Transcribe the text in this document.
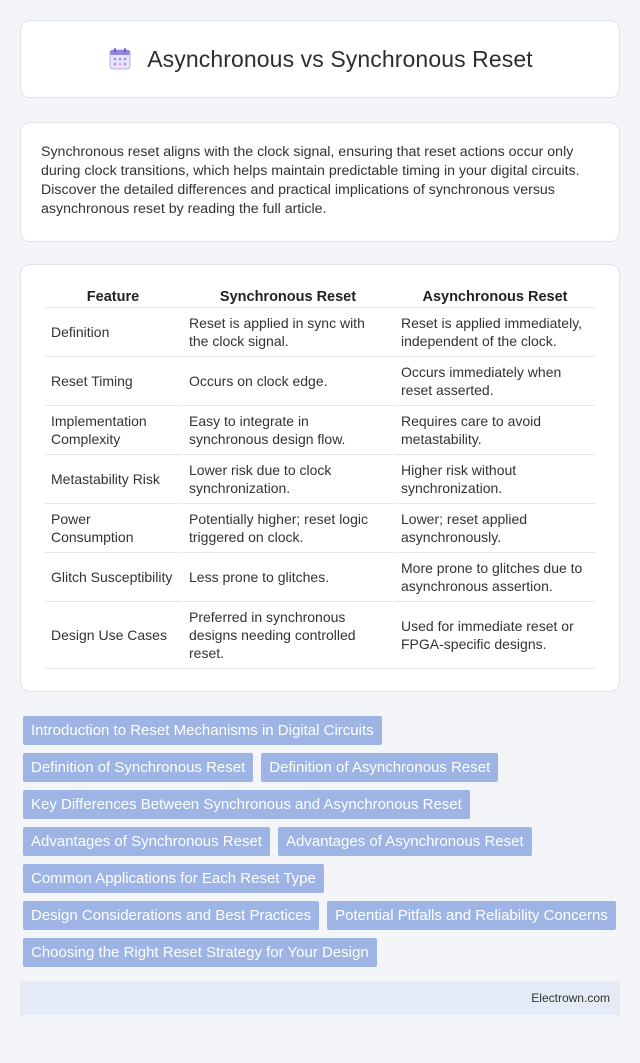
Asynchronous vs Synchronous Reset

Synchronous reset aligns with the clock signal, ensuring that reset actions occur only during clock transitions, which helps maintain predictable timing in your digital circuits. Discover the detailed differences and practical implications of synchronous versus asynchronous reset by reading the full article.

Feature	Synchronous Reset	Asynchronous Reset
Definition	Reset is applied in sync with the clock signal.	Reset is applied immediately, independent of the clock.
Reset Timing	Occurs on clock edge.	Occurs immediately when reset asserted.
Implementation Complexity	Easy to integrate in synchronous design flow.	Requires care to avoid metastability.
Metastability Risk	Lower risk due to clock synchronization.	Higher risk without synchronization.
Power Consumption	Potentially higher; reset logic triggered on clock.	Lower; reset applied asynchronously.
Glitch Susceptibility	Less prone to glitches.	More prone to glitches due to asynchronous assertion.
Design Use Cases	Preferred in synchronous designs needing controlled reset.	Used for immediate reset or FPGA-specific designs.
Introduction to Reset Mechanisms in Digital Circuits
Definition of Synchronous Reset	Definition of Asynchronous Reset
Key Differences Between Synchronous and Asynchronous Reset
Advantages of Synchronous Reset	Advantages of Asynchronous Reset
Common Applications for Each Reset Type
Design Considerations and Best Practices	Potential Pitfalls and Reliability Concerns
Choosing the Right Reset Strategy for Your Design
Electrown.com
